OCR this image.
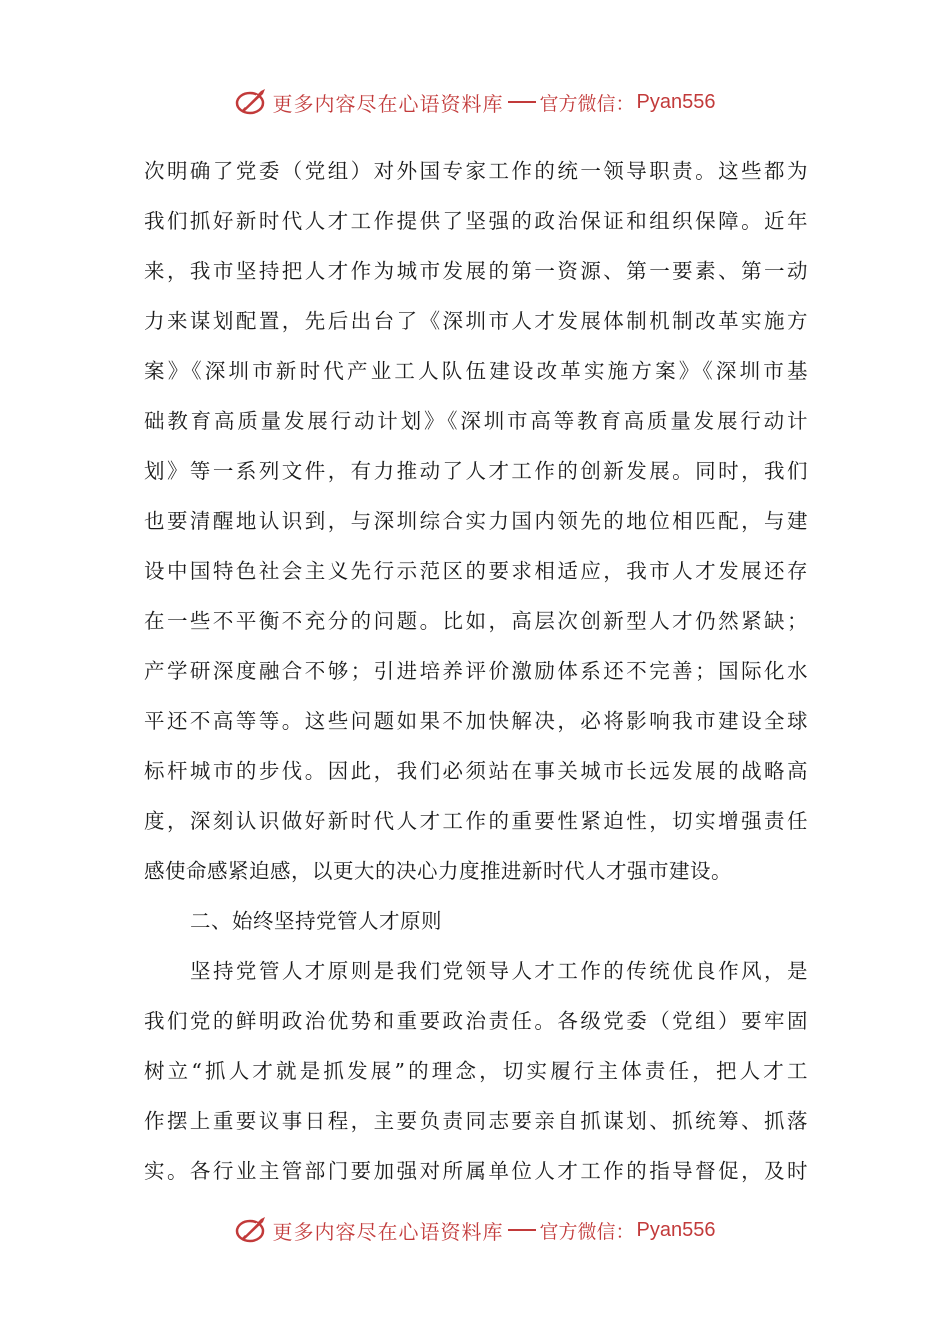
更多内容尽在心语资料库 官方微信： Pyan556
次明确了党委（党组）对外国专家工作的统一领导职责。这些都为
我们抓好新时代人才工作提供了坚强的政治保证和组织保障。近年
来，我市坚持把人才作为城市发展的第一资源、第一要素、第一动
力来谋划配置，先后出台了《深圳市人才发展体制机制改革实施方
案》《深圳市新时代产业工人队伍建设改革实施方案》《深圳市基
础教育高质量发展行动计划》《深圳市高等教育高质量发展行动计
划》等一系列文件，有力推动了人才工作的创新发展。同时，我们
也要清醒地认识到，与深圳综合实力国内领先的地位相匹配，与建
设中国特色社会主义先行示范区的要求相适应，我市人才发展还存
在一些不平衡不充分的问题。比如，高层次创新型人才仍然紧缺；
产学研深度融合不够；引进培养评价激励体系还不完善；国际化水
平还不高等等。这些问题如果不加快解决，必将影响我市建设全球
标杆城市的步伐。因此，我们必须站在事关城市长远发展的战略高
度，深刻认识做好新时代人才工作的重要性紧迫性，切实增强责任
感使命感紧迫感，以更大的决心力度推进新时代人才强市建设。
二、始终坚持党管人才原则
坚持党管人才原则是我们党领导人才工作的传统优良作风，是
我们党的鲜明政治优势和重要政治责任。各级党委（党组）要牢固
树立“抓人才就是抓发展”的理念，切实履行主体责任，把人才工
作摆上重要议事日程，主要负责同志要亲自抓谋划、抓统筹、抓落
实。各行业主管部门要加强对所属单位人才工作的指导督促，及时
更多内容尽在心语资料库 官方微信： Pyan556
